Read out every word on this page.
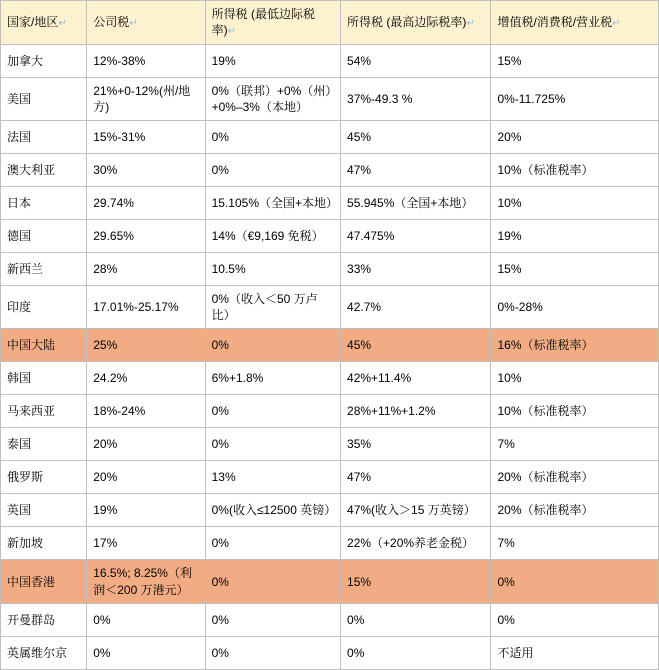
国家/地区↵	公司税↵	所得税 (最低边际税率)↵	所得税 (最高边际税率)↵	增值税/消费税/营业税↵
加拿大	12%-38%	19%	54%	15%
美国	21%+0-12%(州/地方)	0%（联邦）+0%（州）+0%–3%（本地）	37%-49.3 %	0%-11.725%
法国	15%-31%	0%	45%	20%
澳大利亚	30%	0%	47%	10%（标准税率）
日本	29.74%	15.105%（全国+本地）	55.945%（全国+本地）	10%
德国	29.65%	14%（€9,169 免税）	47.475%	19%
新西兰	28%	10.5%	33%	15%
印度	17.01%-25.17%	0%（收入＜50 万卢比）	42.7%	0%-28%
中国大陆	25%	0%	45%	16%（标准税率）
韩国	24.2%	6%+1.8%	42%+11.4%	10%
马来西亚	18%-24%	0%	28%+11%+1.2%	10%（标准税率）
泰国	20%	0%	35%	7%
俄罗斯	20%	13%	47%	20%（标准税率）
英国	19%	0%(收入≤12500 英镑）	47%(收入＞15 万英镑）	20%（标准税率）
新加坡	17%	0%	22%（+20%养老金税）	7%
中国香港	16.5%; 8.25%（利润＜200 万港元）	0%	15%	0%
开曼群岛	0%	0%	0%	0%
英属维尔京	0%	0%	0%	不适用
